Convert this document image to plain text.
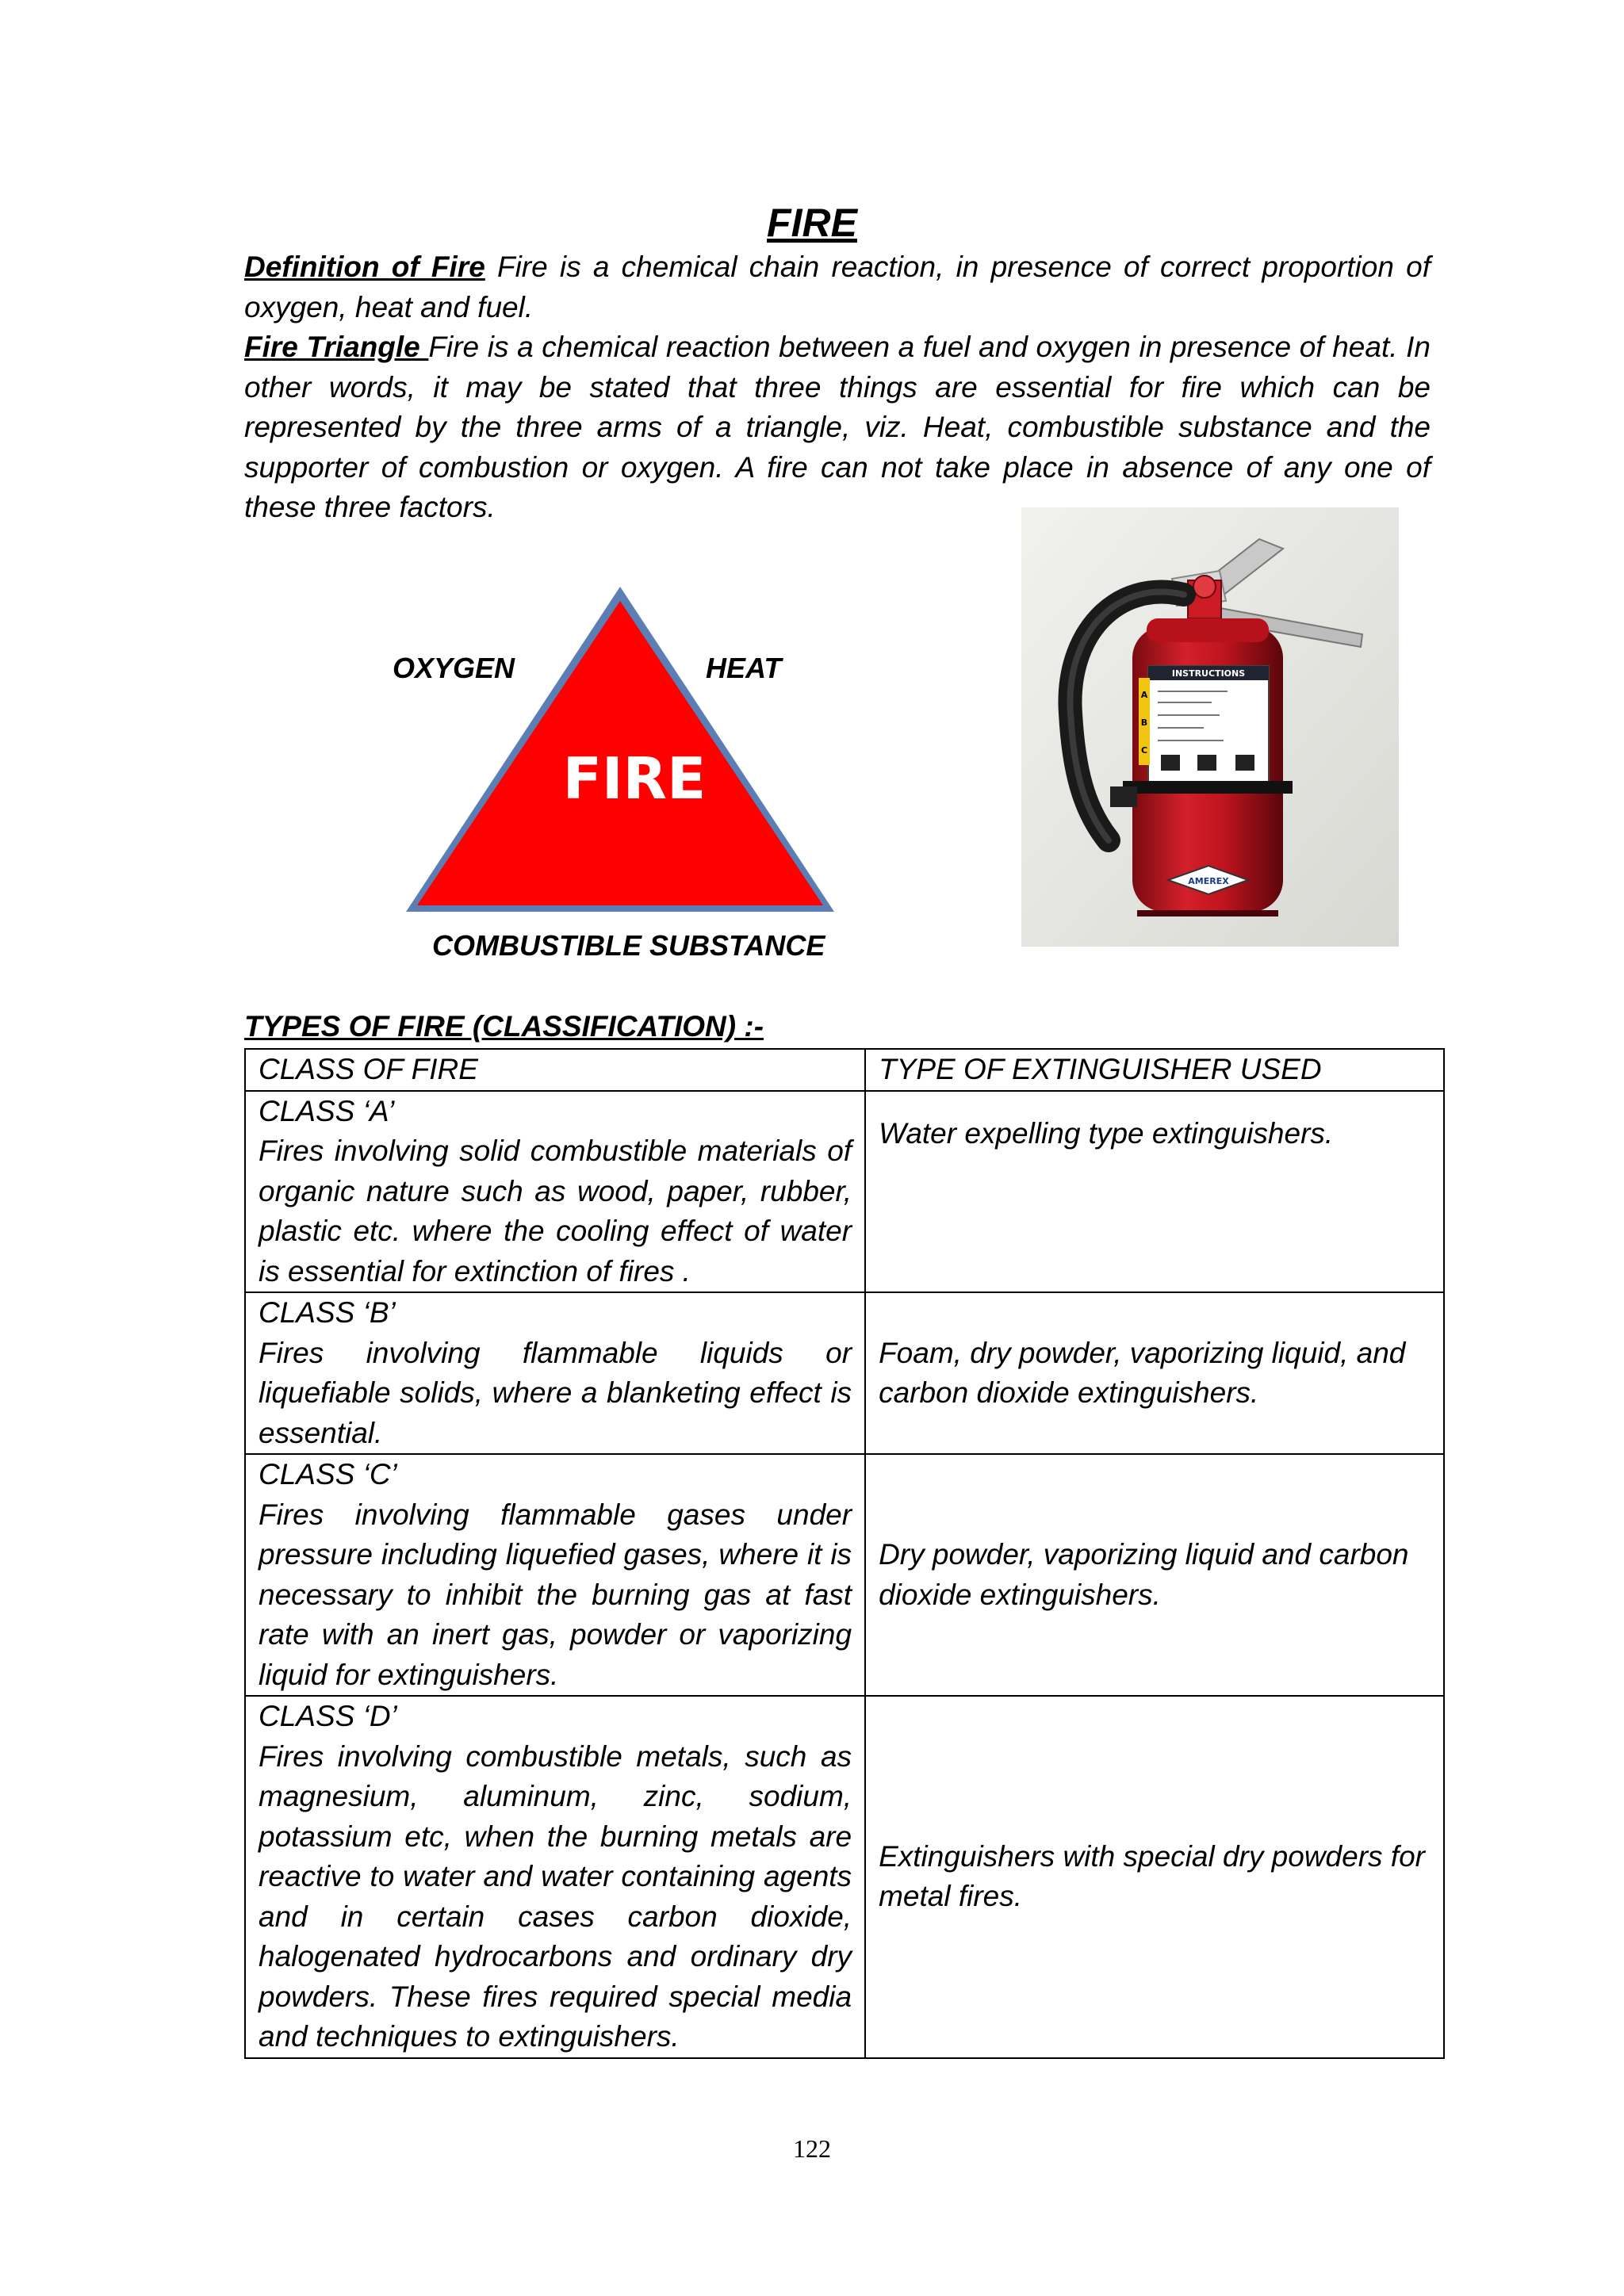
FIRE

Definition of Fire Fire is a chemical chain reaction, in presence of correct proportion of oxygen, heat and fuel.

Fire Triangle Fire is a chemical reaction between a fuel and oxygen in presence of heat. In other words, it may be stated that three things are essential for fire which can be represented by the three arms of a triangle, viz. Heat, combustible substance and the supporter of combustion or oxygen. A fire can not take place in absence of any one of these three factors.

FIRE
OXYGEN	HEAT
COMBUSTIBLE SUBSTANCE
INSTRUCTIONS
A
B
C
AMEREX
TYPES OF FIRE (CLASSIFICATION) :-
CLASS OF FIRE	TYPE OF EXTINGUISHER USED

CLASS ‘A’
Fires involving solid combustible materials of organic nature such as wood, paper, rubber, plastic etc. where the cooling effect of water is essential for extinction of fires .	Water expelling type extinguishers.

CLASS ‘B’
Fires involving flammable liquids or liquefiable solids, where a blanketing effect is essential.	Foam, dry powder, vaporizing liquid, and carbon dioxide extinguishers.

CLASS ‘C’
Fires involving flammable gases under pressure including liquefied gases, where it is necessary to inhibit the burning gas at fast rate with an inert gas, powder or vaporizing liquid for extinguishers.	Dry powder, vaporizing liquid and carbon dioxide extinguishers.

CLASS ‘D’
Fires involving combustible metals, such as magnesium, aluminum, zinc, sodium, potassium etc, when the burning metals are reactive to water and water containing agents and in certain cases carbon dioxide, halogenated hydrocarbons and ordinary dry powders. These fires required special media and techniques to extinguishers.	Extinguishers with special dry powders for metal fires.
122
